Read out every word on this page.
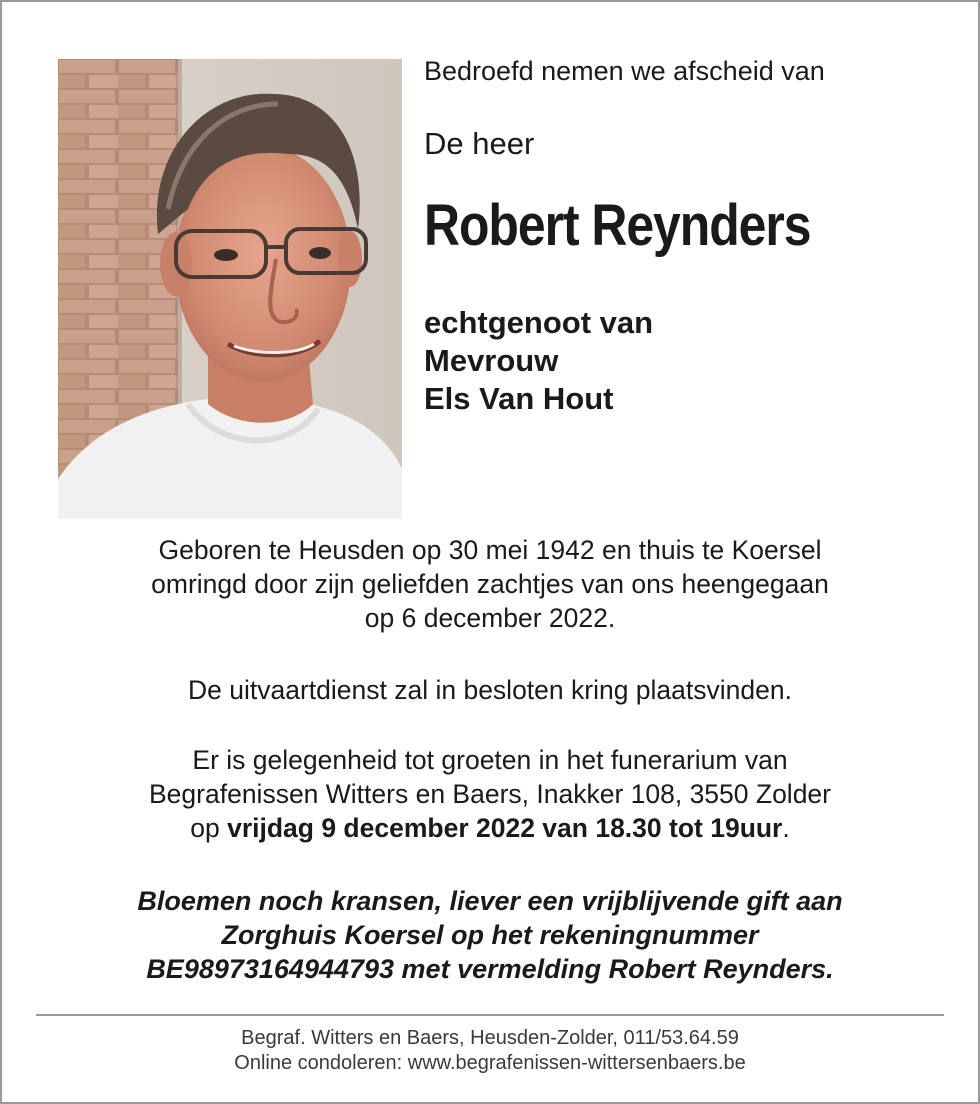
Bedroefd nemen we afscheid van
De heer
Robert Reynders
echtgenoot van
Mevrouw
Els Van Hout
Geboren te Heusden op 30 mei 1942 en thuis te Koersel
omringd door zijn geliefden zachtjes van ons heengegaan
op 6 december 2022.
De uitvaartdienst zal in besloten kring plaatsvinden.
Er is gelegenheid tot groeten in het funerarium van
Begrafenissen Witters en Baers, Inakker 108, 3550 Zolder
op vrijdag 9 december 2022 van 18.30 tot 19uur.
Bloemen noch kransen, liever een vrijblijvende gift aan
Zorghuis Koersel op het rekeningnummer
BE98973164944793 met vermelding Robert Reynders.
Begraf. Witters en Baers, Heusden-Zolder, 011/53.64.59
Online condoleren: www.begrafenissen-wittersenbaers.be
